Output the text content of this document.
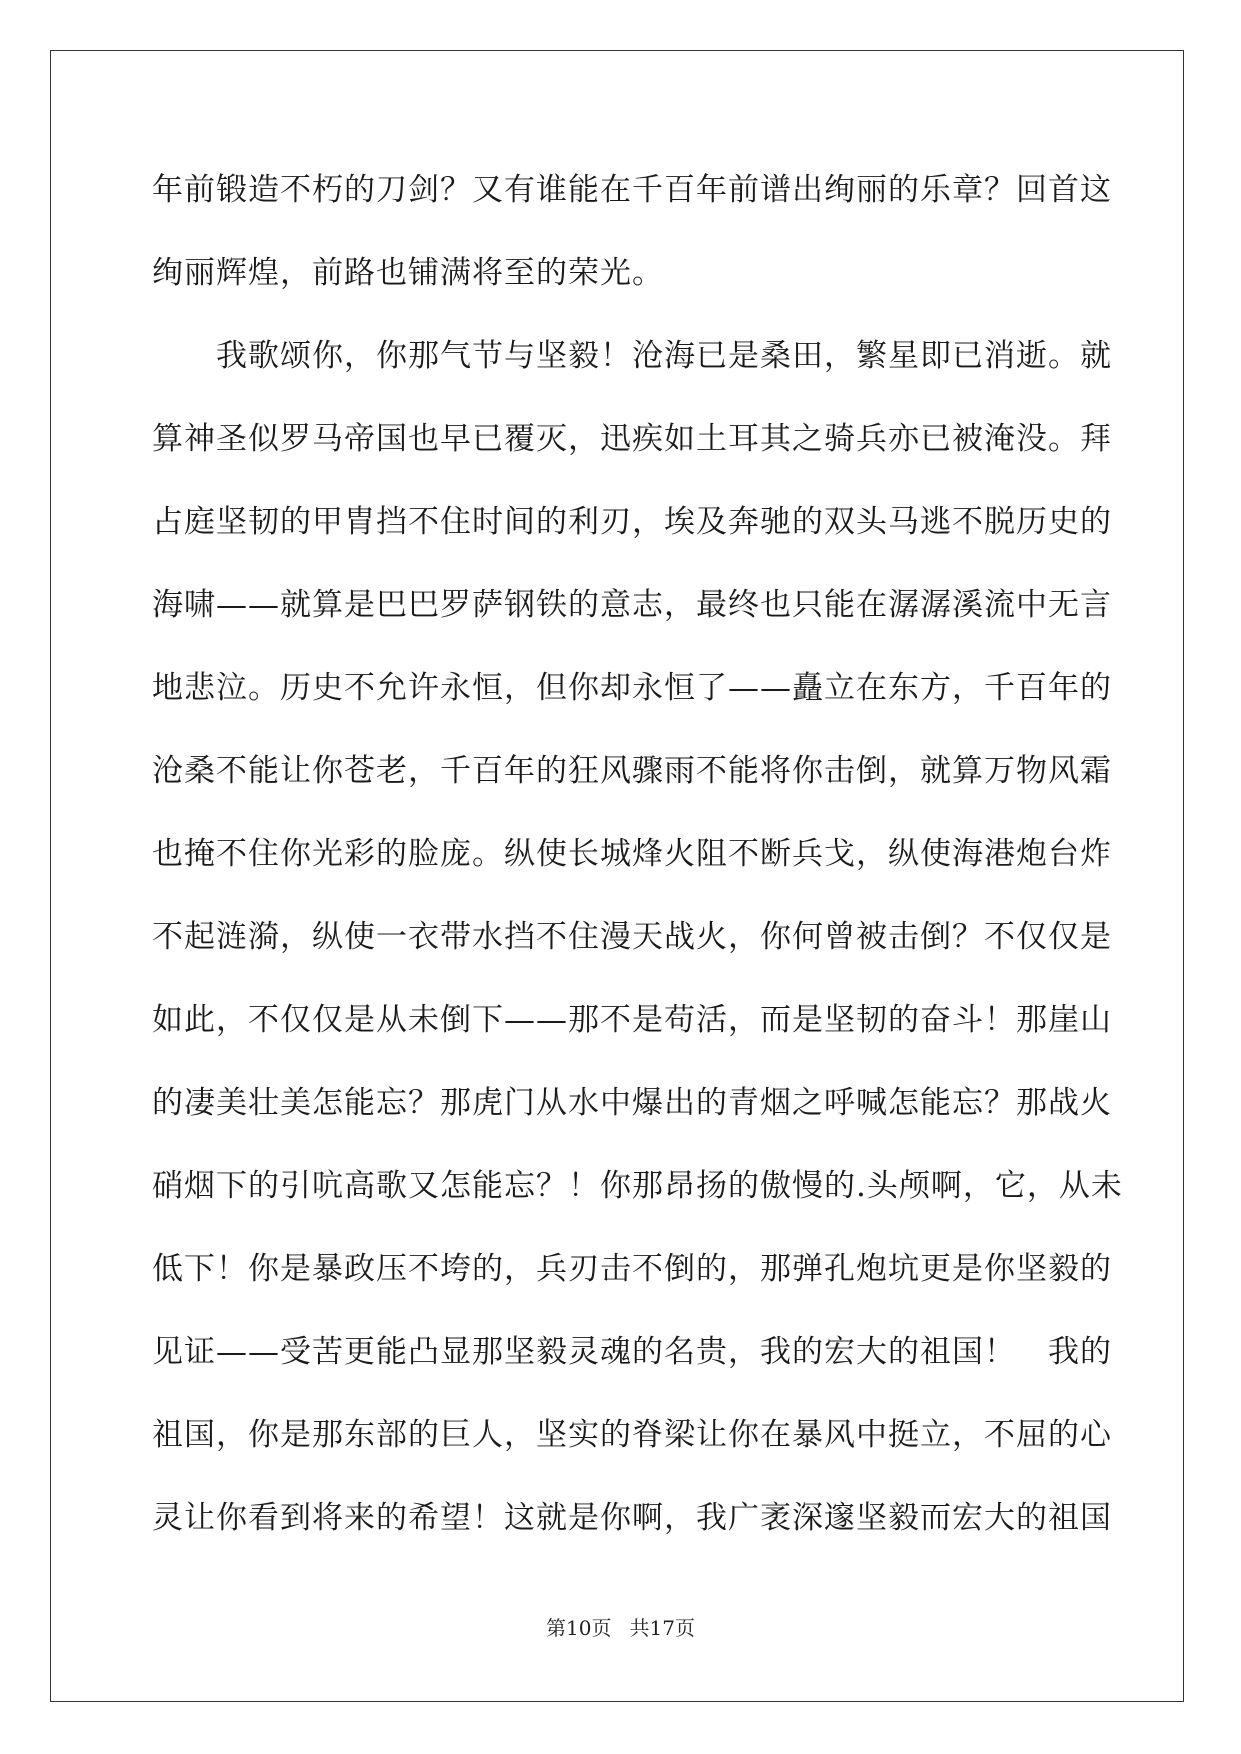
年前锻造不朽的刀剑？又有谁能在千百年前谱出绚丽的乐章？回首这
绚丽辉煌，前路也铺满将至的荣光。
　　我歌颂你，你那气节与坚毅！沧海已是桑田，繁星即已消逝。就
算神圣似罗马帝国也早已覆灭，迅疾如土耳其之骑兵亦已被淹没。拜
占庭坚韧的甲胄挡不住时间的利刃，埃及奔驰的双头马逃不脱历史的
海啸——就算是巴巴罗萨钢铁的意志，最终也只能在潺潺溪流中无言
地悲泣。历史不允许永恒，但你却永恒了——矗立在东方，千百年的
沧桑不能让你苍老，千百年的狂风骤雨不能将你击倒，就算万物风霜
也掩不住你光彩的脸庞。纵使长城烽火阻不断兵戈，纵使海港炮台炸
不起涟漪，纵使一衣带水挡不住漫天战火，你何曾被击倒？不仅仅是
如此，不仅仅是从未倒下——那不是苟活，而是坚韧的奋斗！那崖山
的凄美壮美怎能忘？那虎门从水中爆出的青烟之呼喊怎能忘？那战火
硝烟下的引吭高歌又怎能忘？！你那昂扬的傲慢的.头颅啊，它，从未
低下！你是暴政压不垮的，兵刃击不倒的，那弹孔炮坑更是你坚毅的
见证——受苦更能凸显那坚毅灵魂的名贵，我的宏大的祖国！　我的
祖国，你是那东部的巨人，坚实的脊梁让你在暴风中挺立，不屈的心
灵让你看到将来的希望！这就是你啊，我广袤深邃坚毅而宏大的祖国
第10页 共17页
